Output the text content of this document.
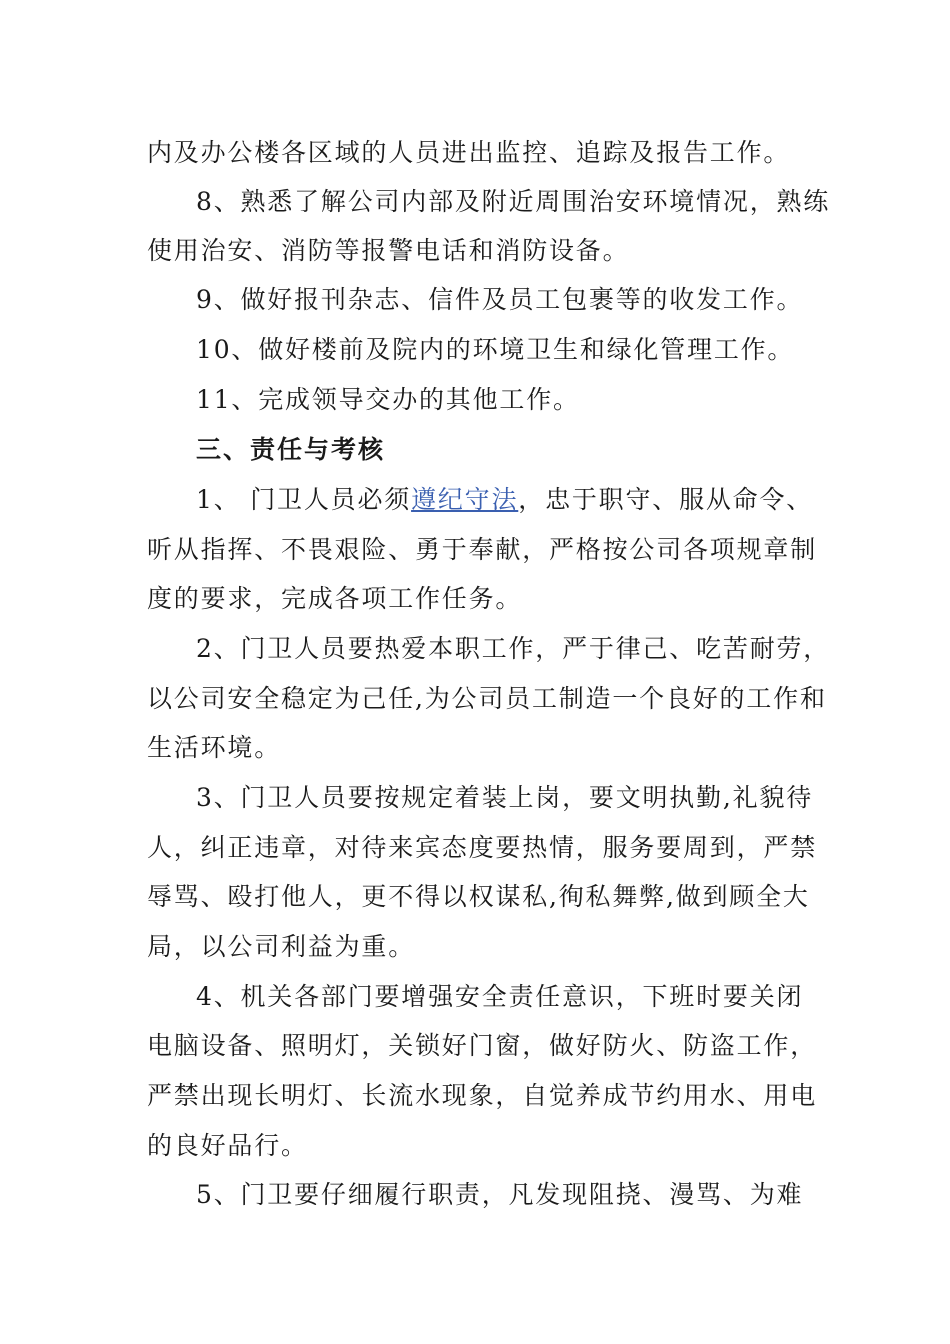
内及办公楼各区域的人员进出监控、追踪及报告工作。
8、熟悉了解公司内部及附近周围治安环境情况，熟练
使用治安、消防等报警电话和消防设备。
9、做好报刊杂志、信件及员工包裹等的收发工作。
10、做好楼前及院内的环境卫生和绿化管理工作。
11、完成领导交办的其他工作。
三、责任与考核
1、 门卫人员必须遵纪守法，忠于职守、服从命令、
听从指挥、不畏艰险、勇于奉献，严格按公司各项规章制
度的要求，完成各项工作任务。
2、门卫人员要热爱本职工作，严于律己、吃苦耐劳，
以公司安全稳定为己任,为公司员工制造一个良好的工作和
生活环境。
3、门卫人员要按规定着装上岗，要文明执勤,礼貌待
人，纠正违章，对待来宾态度要热情，服务要周到，严禁
辱骂、殴打他人，更不得以权谋私,徇私舞弊,做到顾全大
局，以公司利益为重。
4、机关各部门要增强安全责任意识，下班时要关闭
电脑设备、照明灯，关锁好门窗，做好防火、防盗工作，
严禁出现长明灯、长流水现象，自觉养成节约用水、用电
的良好品行。
5、门卫要仔细履行职责，凡发现阻挠、漫骂、为难
